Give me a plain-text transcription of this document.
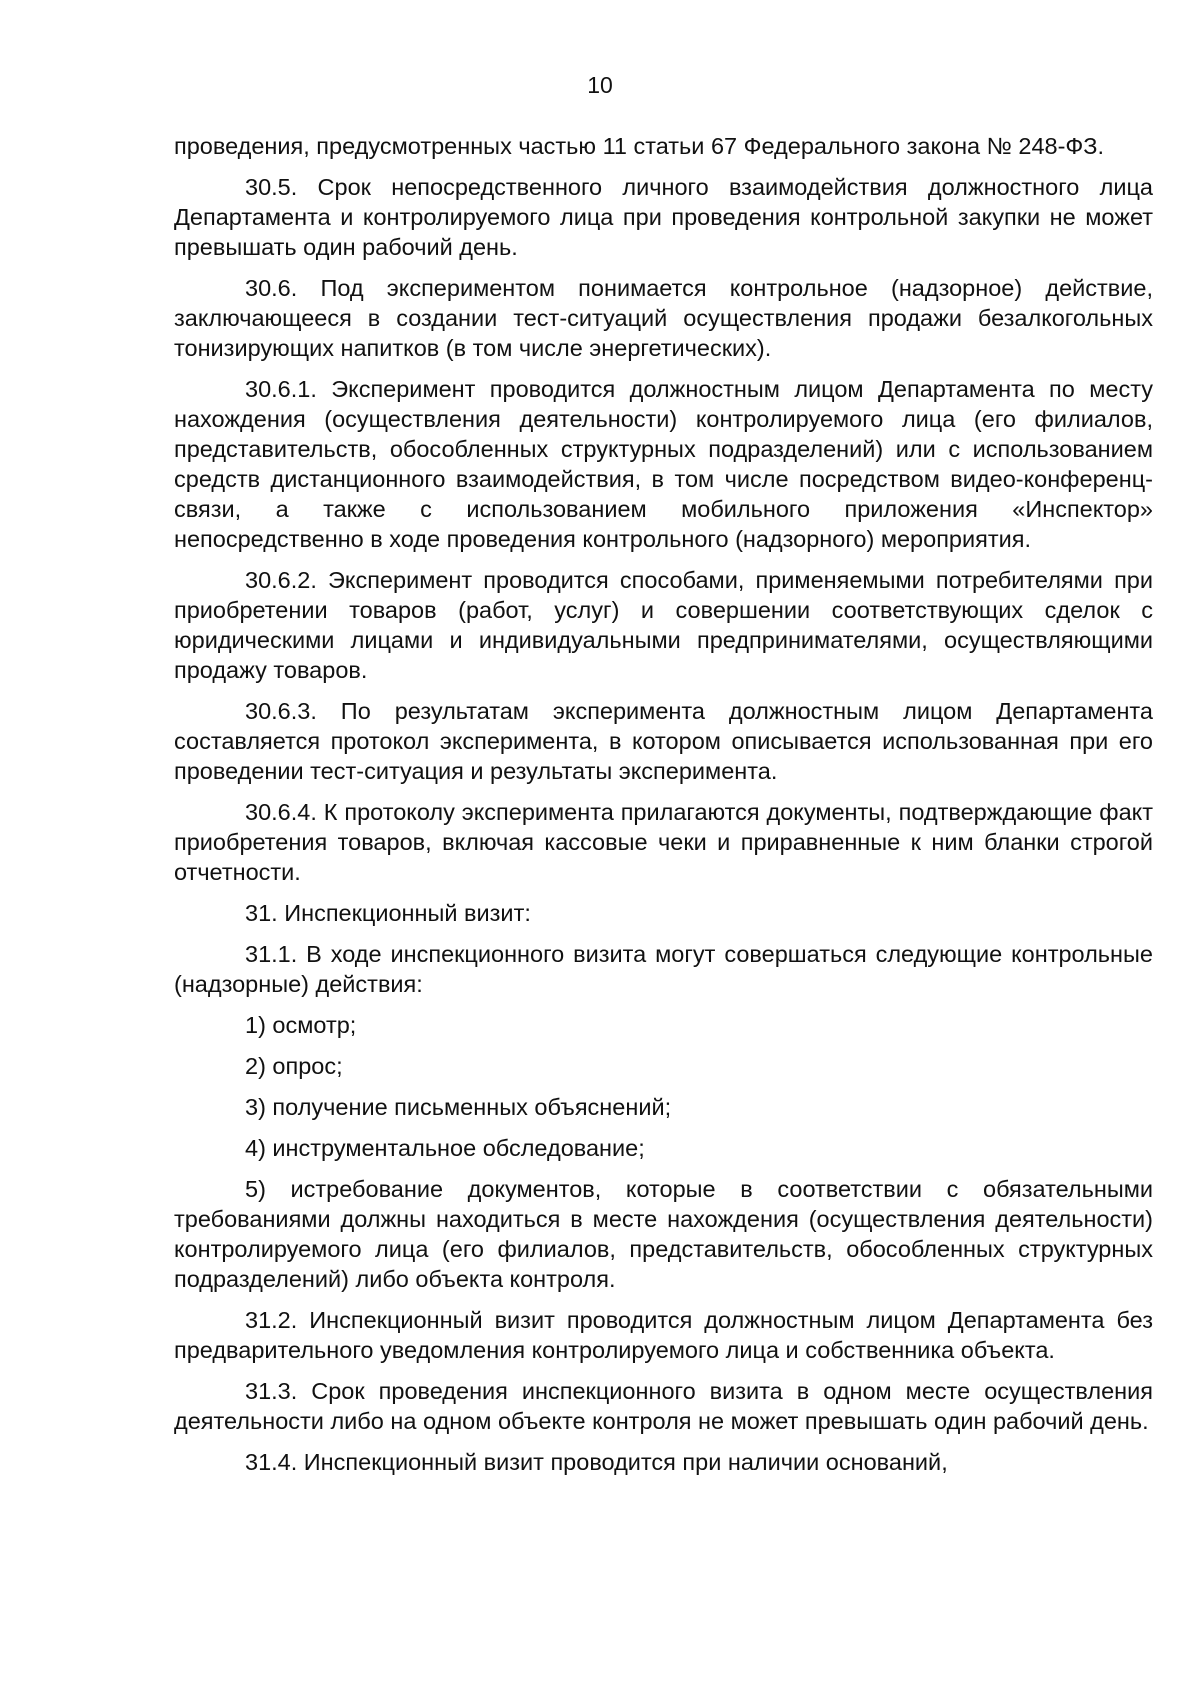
10

проведения, предусмотренных частью 11 статьи 67 Федерального закона № 248-ФЗ.

30.5. Срок непосредственного личного взаимодействия должностного лица Департамента и контролируемого лица при проведения контрольной закупки не может превышать один рабочий день.

30.6. Под экспериментом понимается контрольное (надзорное) действие, заключающееся в создании тест-ситуаций осуществления продажи безалкогольных тонизирующих напитков (в том числе энергетических).

30.6.1. Эксперимент проводится должностным лицом Департамента по месту нахождения (осуществления деятельности) контролируемого лица (его филиалов, представительств, обособленных структурных подразделений) или с использованием средств дистанционного взаимодействия, в том числе посредством видео-конференц-связи, а также с использованием мобильного приложения «Инспектор» непосредственно в ходе проведения контрольного (надзорного) мероприятия.

30.6.2. Эксперимент проводится способами, применяемыми потребителями при приобретении товаров (работ, услуг) и совершении соответствующих сделок с юридическими лицами и индивидуальными предпринимателями, осуществляющими продажу товаров.

30.6.3. По результатам эксперимента должностным лицом Департамента составляется протокол эксперимента, в котором описывается использованная при его проведении тест-ситуация и результаты эксперимента.

30.6.4. К протоколу эксперимента прилагаются документы, подтверждающие факт приобретения товаров, включая кассовые чеки и приравненные к ним бланки строгой отчетности.

31. Инспекционный визит:

31.1. В ходе инспекционного визита могут совершаться следующие контрольные (надзорные) действия:

1) осмотр;

2) опрос;

3) получение письменных объяснений;

4) инструментальное обследование;

5) истребование документов, которые в соответствии с обязательными требованиями должны находиться в месте нахождения (осуществления деятельности) контролируемого лица (его филиалов, представительств, обособленных структурных подразделений) либо объекта контроля.

31.2. Инспекционный визит проводится должностным лицом Департамента без предварительного уведомления контролируемого лица и собственника объекта.

31.3. Срок проведения инспекционного визита в одном месте осуществления деятельности либо на одном объекте контроля не может превышать один рабочий день.

31.4. Инспекционный визит проводится при наличии оснований,
